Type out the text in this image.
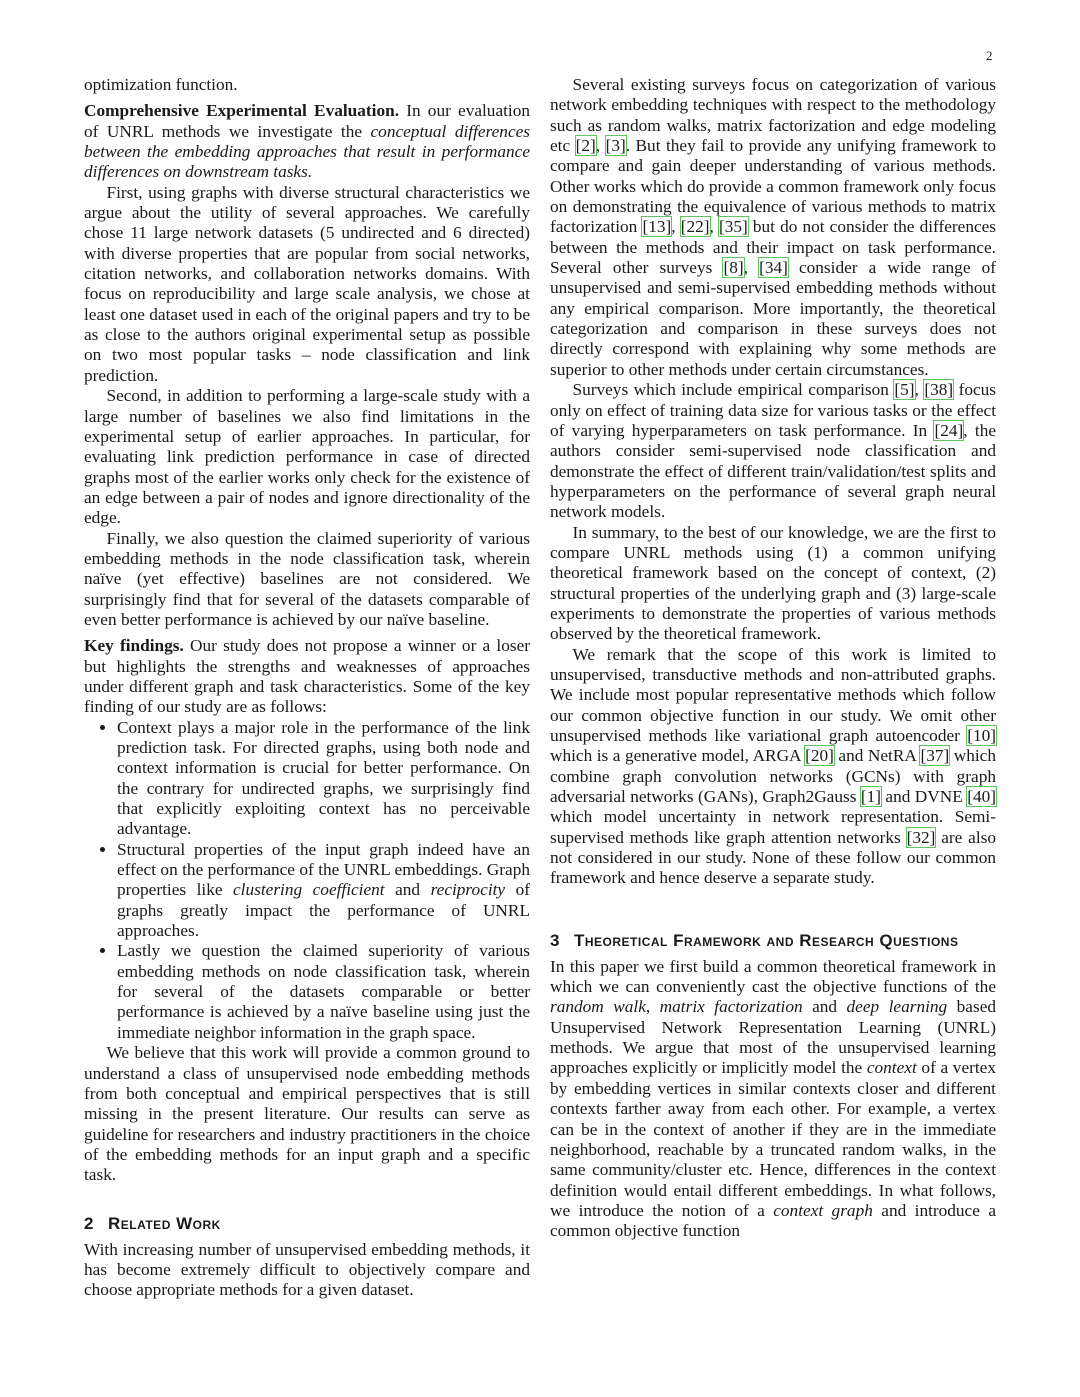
2

optimization function.

Comprehensive Experimental Evaluation. In our evaluation of UNRL methods we investigate the conceptual differences between the embedding approaches that result in performance differences on downstream tasks.

First, using graphs with diverse structural characteristics we argue about the utility of several approaches. We carefully chose 11 large network datasets (5 undirected and 6 directed) with diverse properties that are popular from social networks, citation networks, and collaboration networks domains. With focus on reproducibility and large scale analysis, we chose at least one dataset used in each of the original papers and try to be as close to the authors original experimental setup as possible on two most popular tasks – node classification and link prediction.

Second, in addition to performing a large-scale study with a large number of baselines we also find limitations in the experimental setup of earlier approaches. In particular, for evaluating link prediction performance in case of directed graphs most of the earlier works only check for the existence of an edge between a pair of nodes and ignore directionality of the edge.

Finally, we also question the claimed superiority of various embedding methods in the node classification task, wherein naïve (yet effective) baselines are not considered. We surprisingly find that for several of the datasets comparable of even better performance is achieved by our naïve baseline.

Key findings. Our study does not propose a winner or a loser but highlights the strengths and weaknesses of approaches under different graph and task characteristics. Some of the key finding of our study are as follows:

• Context plays a major role in the performance of the link prediction task. For directed graphs, using both node and context information is crucial for better performance. On the contrary for undirected graphs, we surprisingly find that explicitly exploiting context has no perceivable advantage.
• Structural properties of the input graph indeed have an effect on the performance of the UNRL embeddings. Graph properties like clustering coefficient and reciprocity of graphs greatly impact the performance of UNRL approaches.
• Lastly we question the claimed superiority of various embedding methods on node classification task, wherein for several of the datasets comparable or better performance is achieved by a naïve baseline using just the immediate neighbor information in the graph space.

We believe that this work will provide a common ground to understand a class of unsupervised node embedding methods from both conceptual and empirical perspectives that is still missing in the present literature. Our results can serve as guideline for researchers and industry practitioners in the choice of the embedding methods for an input graph and a specific task.

2 Related Work

With increasing number of unsupervised embedding methods, it has become extremely difficult to objectively compare and choose appropriate methods for a given dataset.

Several existing surveys focus on categorization of various network embedding techniques with respect to the methodology such as random walks, matrix factorization and edge modeling etc [2], [3]. But they fail to provide any unifying framework to compare and gain deeper understanding of various methods. Other works which do provide a common framework only focus on demonstrating the equivalence of various methods to matrix factorization [13], [22], [35] but do not consider the differences between the methods and their impact on task performance. Several other surveys [8], [34] consider a wide range of unsupervised and semi-supervised embedding methods without any empirical comparison. More importantly, the theoretical categorization and comparison in these surveys does not directly correspond with explaining why some methods are superior to other methods under certain circumstances.

Surveys which include empirical comparison [5], [38] focus only on effect of training data size for various tasks or the effect of varying hyperparameters on task performance. In [24], the authors consider semi-supervised node classification and demonstrate the effect of different train/validation/test splits and hyperparameters on the performance of several graph neural network models.

In summary, to the best of our knowledge, we are the first to compare UNRL methods using (1) a common unifying theoretical framework based on the concept of context, (2) structural properties of the underlying graph and (3) large-scale experiments to demonstrate the properties of various methods observed by the theoretical framework.

We remark that the scope of this work is limited to unsupervised, transductive methods and non-attributed graphs. We include most popular representative methods which follow our common objective function in our study. We omit other unsupervised methods like variational graph autoencoder [10] which is a generative model, ARGA [20] and NetRA [37] which combine graph convolution networks (GCNs) with graph adversarial networks (GANs), Graph2Gauss [1] and DVNE [40] which model uncertainty in network representation. Semi-supervised methods like graph attention networks [32] are also not considered in our study. None of these follow our common framework and hence deserve a separate study.

3 Theoretical Framework and Research Questions

In this paper we first build a common theoretical framework in which we can conveniently cast the objective functions of the random walk, matrix factorization and deep learning based Unsupervised Network Representation Learning (UNRL) methods. We argue that most of the unsupervised learning approaches explicitly or implicitly model the context of a vertex by embedding vertices in similar contexts closer and different contexts farther away from each other. For example, a vertex can be in the context of another if they are in the immediate neighborhood, reachable by a truncated random walks, in the same community/cluster etc. Hence, differences in the context definition would entail different embeddings. In what follows, we introduce the notion of a context graph and introduce a common objective function
